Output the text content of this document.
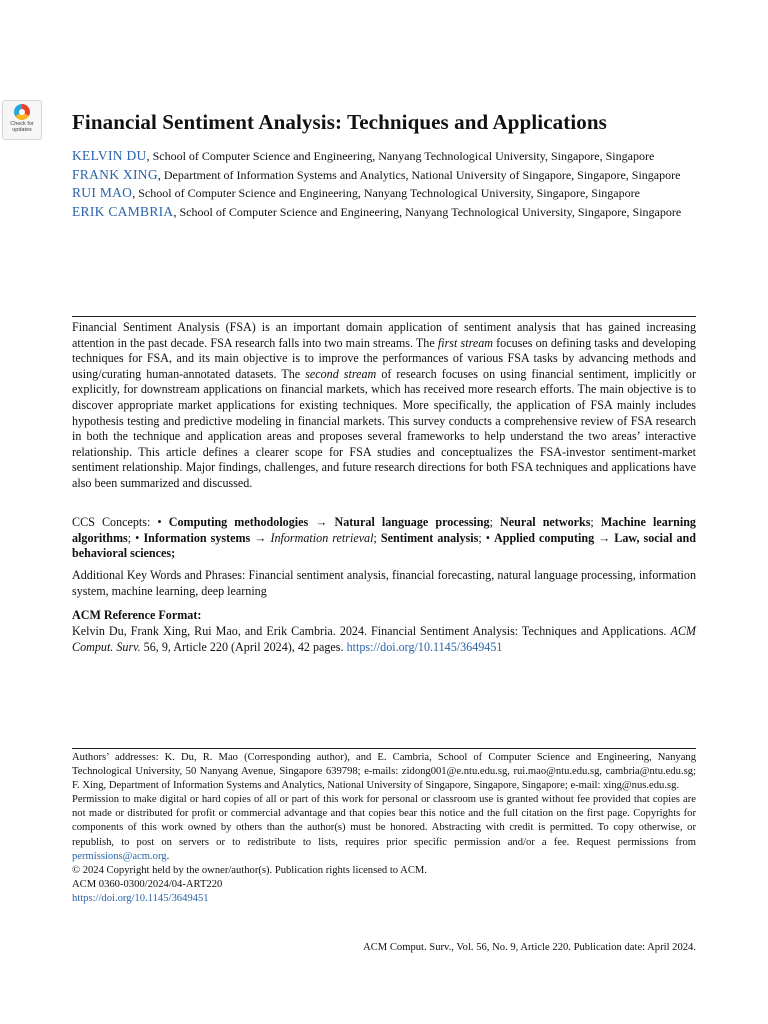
Check for
updates	Financial Sentiment Analysis: Techniques and Applications
KELVIN DU, School of Computer Science and Engineering, Nanyang Technological University, Singapore, Singapore
FRANK XING, Department of Information Systems and Analytics, National University of Singapore, Singapore, Singapore
RUI MAO, School of Computer Science and Engineering, Nanyang Technological University, Singapore, Singapore
ERIK CAMBRIA, School of Computer Science and Engineering, Nanyang Technological University, Singapore, Singapore
Financial Sentiment Analysis (FSA) is an important domain application of sentiment analysis that has gained increasing attention in the past decade. FSA research falls into two main streams. The first stream focuses on defining tasks and developing techniques for FSA, and its main objective is to improve the performances of various FSA tasks by advancing methods and using/curating human-annotated datasets. The second stream of research focuses on using financial sentiment, implicitly or explicitly, for downstream applications on financial markets, which has received more research efforts. The main objective is to discover appropriate market applications for existing techniques. More specifically, the application of FSA mainly includes hypothesis testing and predictive modeling in financial markets. This survey conducts a comprehensive review of FSA research in both the technique and application areas and proposes several frameworks to help understand the two areas’ interactive relationship. This article defines a clearer scope for FSA studies and conceptualizes the FSA-investor sentiment-market sentiment relationship. Major findings, challenges, and future research directions for both FSA techniques and applications have also been summarized and discussed.
CCS Concepts: • Computing methodologies → Natural language processing; Neural networks; Machine learning algorithms; • Information systems → Information retrieval; Sentiment analysis; • Applied computing → Law, social and behavioral sciences;
Additional Key Words and Phrases: Financial sentiment analysis, financial forecasting, natural language processing, information system, machine learning, deep learning
ACM Reference Format:
Kelvin Du, Frank Xing, Rui Mao, and Erik Cambria. 2024. Financial Sentiment Analysis: Techniques and Applications. ACM Comput. Surv. 56, 9, Article 220 (April 2024), 42 pages. https://doi.org/10.1145/3649451
Authors’ addresses: K. Du, R. Mao (Corresponding author), and E. Cambria, School of Computer Science and Engineering, Nanyang Technological University, 50 Nanyang Avenue, Singapore 639798; e-mails: zidong001@e.ntu.edu.sg, rui.mao@ntu.edu.sg, cambria@ntu.edu.sg; F. Xing, Department of Information Systems and Analytics, National University of Singapore, Singapore, Singapore; e-mail: xing@nus.edu.sg.
Permission to make digital or hard copies of all or part of this work for personal or classroom use is granted without fee provided that copies are not made or distributed for profit or commercial advantage and that copies bear this notice and the full citation on the first page. Copyrights for components of this work owned by others than the author(s) must be honored. Abstracting with credit is permitted. To copy otherwise, or republish, to post on servers or to redistribute to lists, requires prior specific permission and/or a fee. Request permissions from permissions@acm.org.
© 2024 Copyright held by the owner/author(s). Publication rights licensed to ACM.
ACM 0360-0300/2024/04-ART220
https://doi.org/10.1145/3649451
ACM Comput. Surv., Vol. 56, No. 9, Article 220. Publication date: April 2024.
